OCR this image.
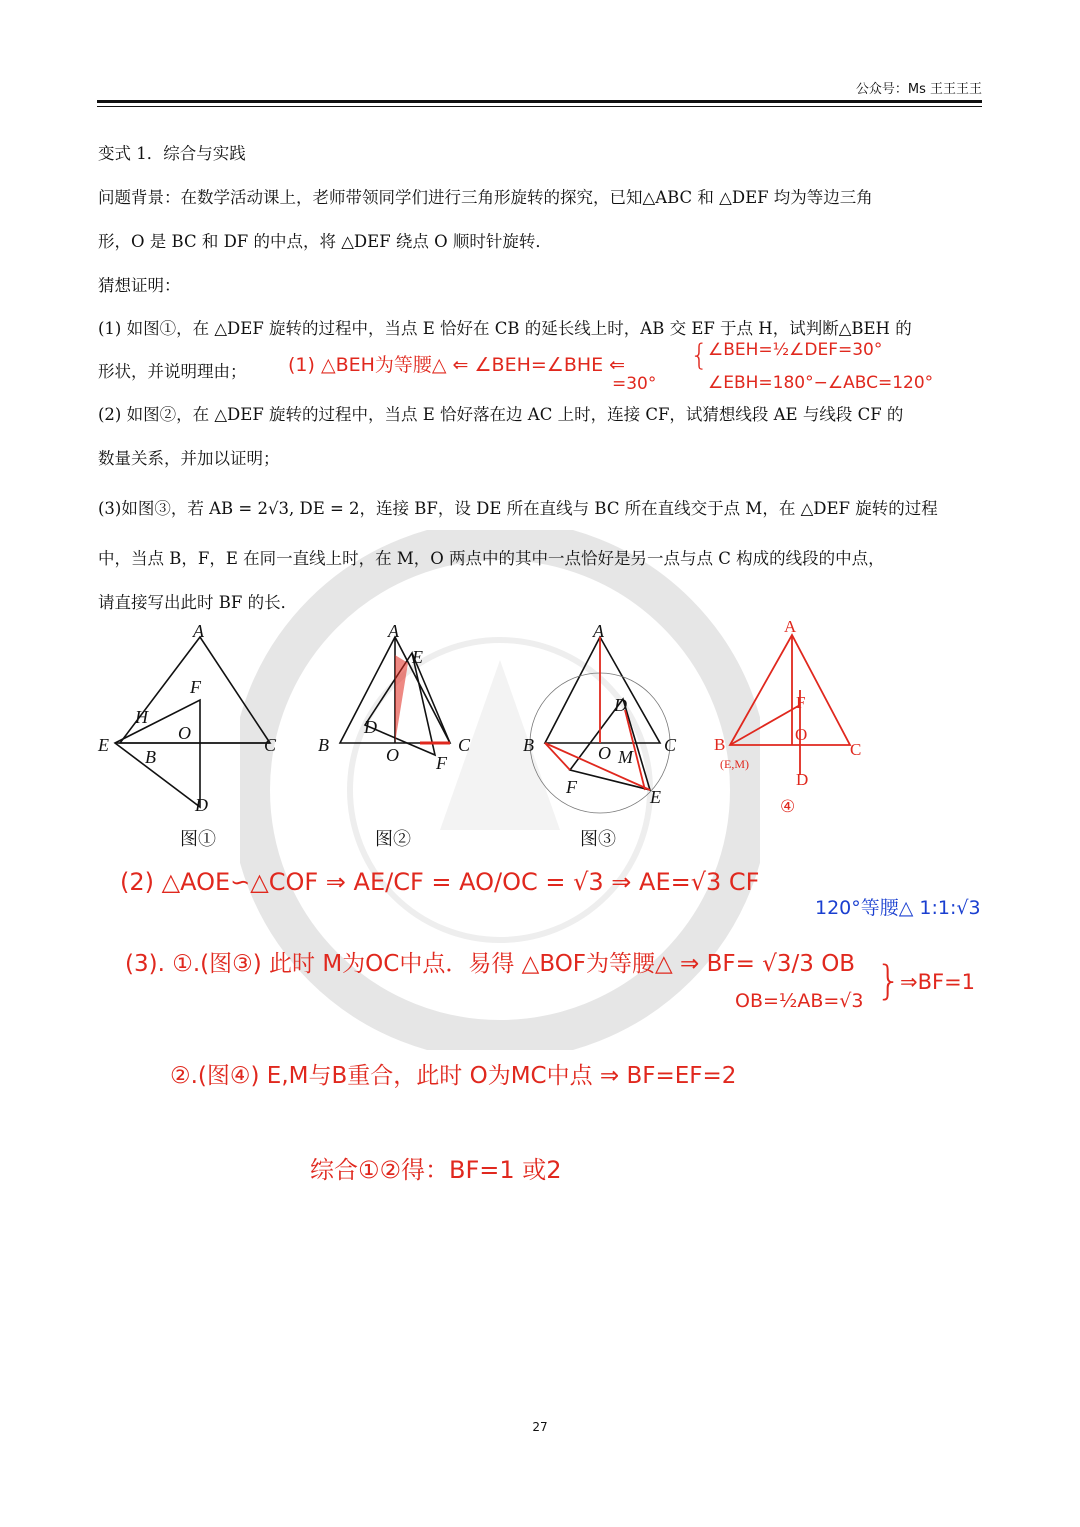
公众号：Ms 王王王王
变式 1．综合与实践
问题背景：在数学活动课上，老师带领同学们进行三角形旋转的探究，已知△ABC 和 △DEF 均为等边三角
形，O 是 BC 和 DF 的中点，将 △DEF 绕点 O 顺时针旋转．
猜想证明：
(1) 如图①，在 △DEF 旋转的过程中，当点 E 恰好在 CB 的延长线上时，AB 交 EF 于点 H，试判断△BEH 的
形状，并说明理由；
(2) 如图②，在 △DEF 旋转的过程中，当点 E 恰好落在边 AC 上时，连接 CF，试猜想线段 AE 与线段 CF 的
数量关系，并加以证明；
(3)如图③，若 AB = 2√3, DE = 2，连接 BF，设 DE 所在直线与 BC 所在直线交于点 M，在 △DEF 旋转的过程
中，当点 B，F，E 在同一直线上时，在 M，O 两点中的其中一点恰好是另一点与点 C 构成的线段的中点，
请直接写出此时 BF 的长．
(1) △BEH为等腰△ ⇐ ∠BEH=∠BHE ⇐
=30°
{ ∠BEH=½∠DEF=30°
∠EBH=180°−∠ABC=120°
A
B
C
D
E
F
H
O
图①
A
B	C
D
E
F
O
图②
A
B	C
D
E
F
O M
图③
A
B
(E,M)
C
D
F
O
④
(2) △AOE∽△COF ⇒ AE/CF = AO/OC = √3 ⇒ AE=√3 CF
120°等腰△ 1:1:√3
(3). ①.(图③) 此时 M为OC中点．易得 △BOF为等腰△ ⇒ BF= √3/3 OB
OB=½AB=√3 }
⇒BF=1
②.(图④) E,M与B重合，此时 O为MC中点 ⇒ BF=EF=2
综合①②得：BF=1 或2
27
